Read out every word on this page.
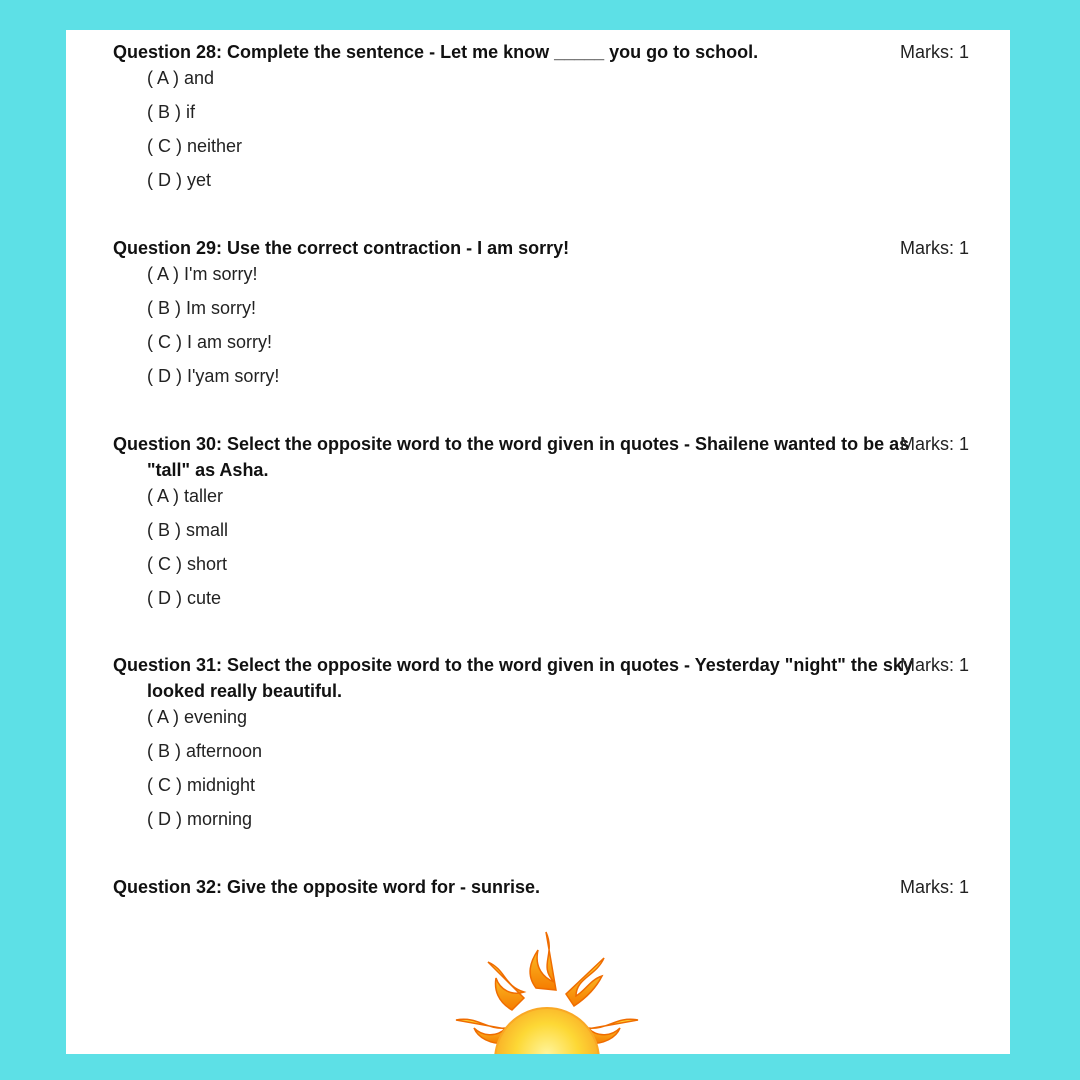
Question 28: Complete the sentence - Let me know _____ you go to school.

( A ) and
( B ) if
( C ) neither
( D ) yet
Marks: 1

Question 29: Use the correct contraction - I am sorry!

( A ) I'm sorry!
( B ) Im sorry!
( C ) I am sorry!
( D ) I'yam sorry!
Marks: 1

Question 30: Select the opposite word to the word given in quotes - Shailene wanted to be as "tall" as Asha.

( A ) taller
( B ) small
( C ) short
( D ) cute
Marks: 1

Question 31: Select the opposite word to the word given in quotes - Yesterday "night" the sky looked really beautiful.

( A ) evening
( B ) afternoon
( C ) midnight
( D ) morning
Marks: 1

Question 32: Give the opposite word for - sunrise.	Marks: 1
